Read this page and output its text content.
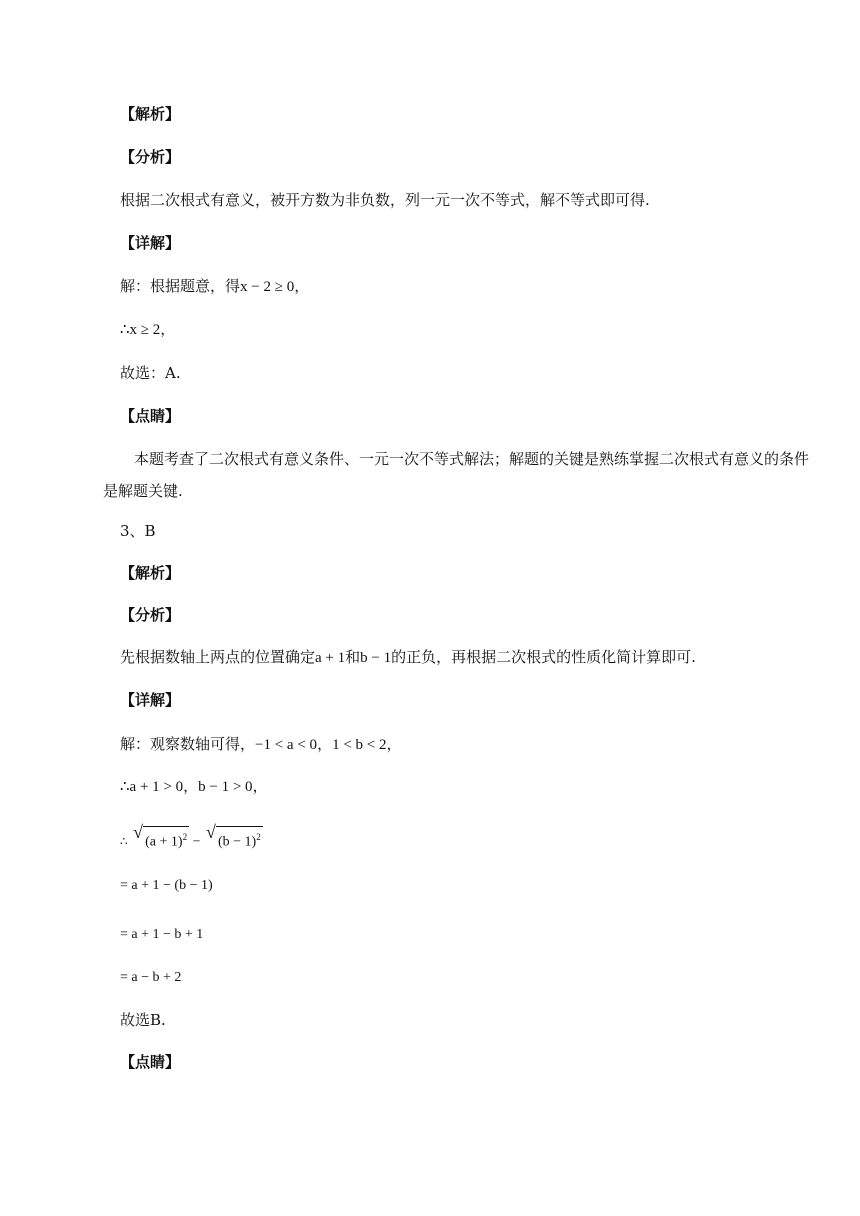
【解析】
【分析】
根据二次根式有意义，被开方数为非负数，列一元一次不等式，解不等式即可得.
【详解】
解：根据题意，得x − 2 ≥ 0，
∴x ≥ 2，
故选：A.
【点睛】
本题考查了二次根式有意义条件、一元一次不等式解法；解题的关键是熟练掌握二次根式有意义的条件是解题关键.
3、B
【解析】
【分析】
先根据数轴上两点的位置确定a + 1和b − 1的正负，再根据二次根式的性质化简计算即可.
【详解】
解：观察数轴可得，−1 < a < 0，1 < b < 2，
∴a + 1 > 0，b − 1 > 0，
∴ √
$(a + 1)^2$ −
√
$(b - 1)^2$
= a + 1 − (b − 1)
= a + 1 − b + 1
= a − b + 2
故选B.
【点睛】
